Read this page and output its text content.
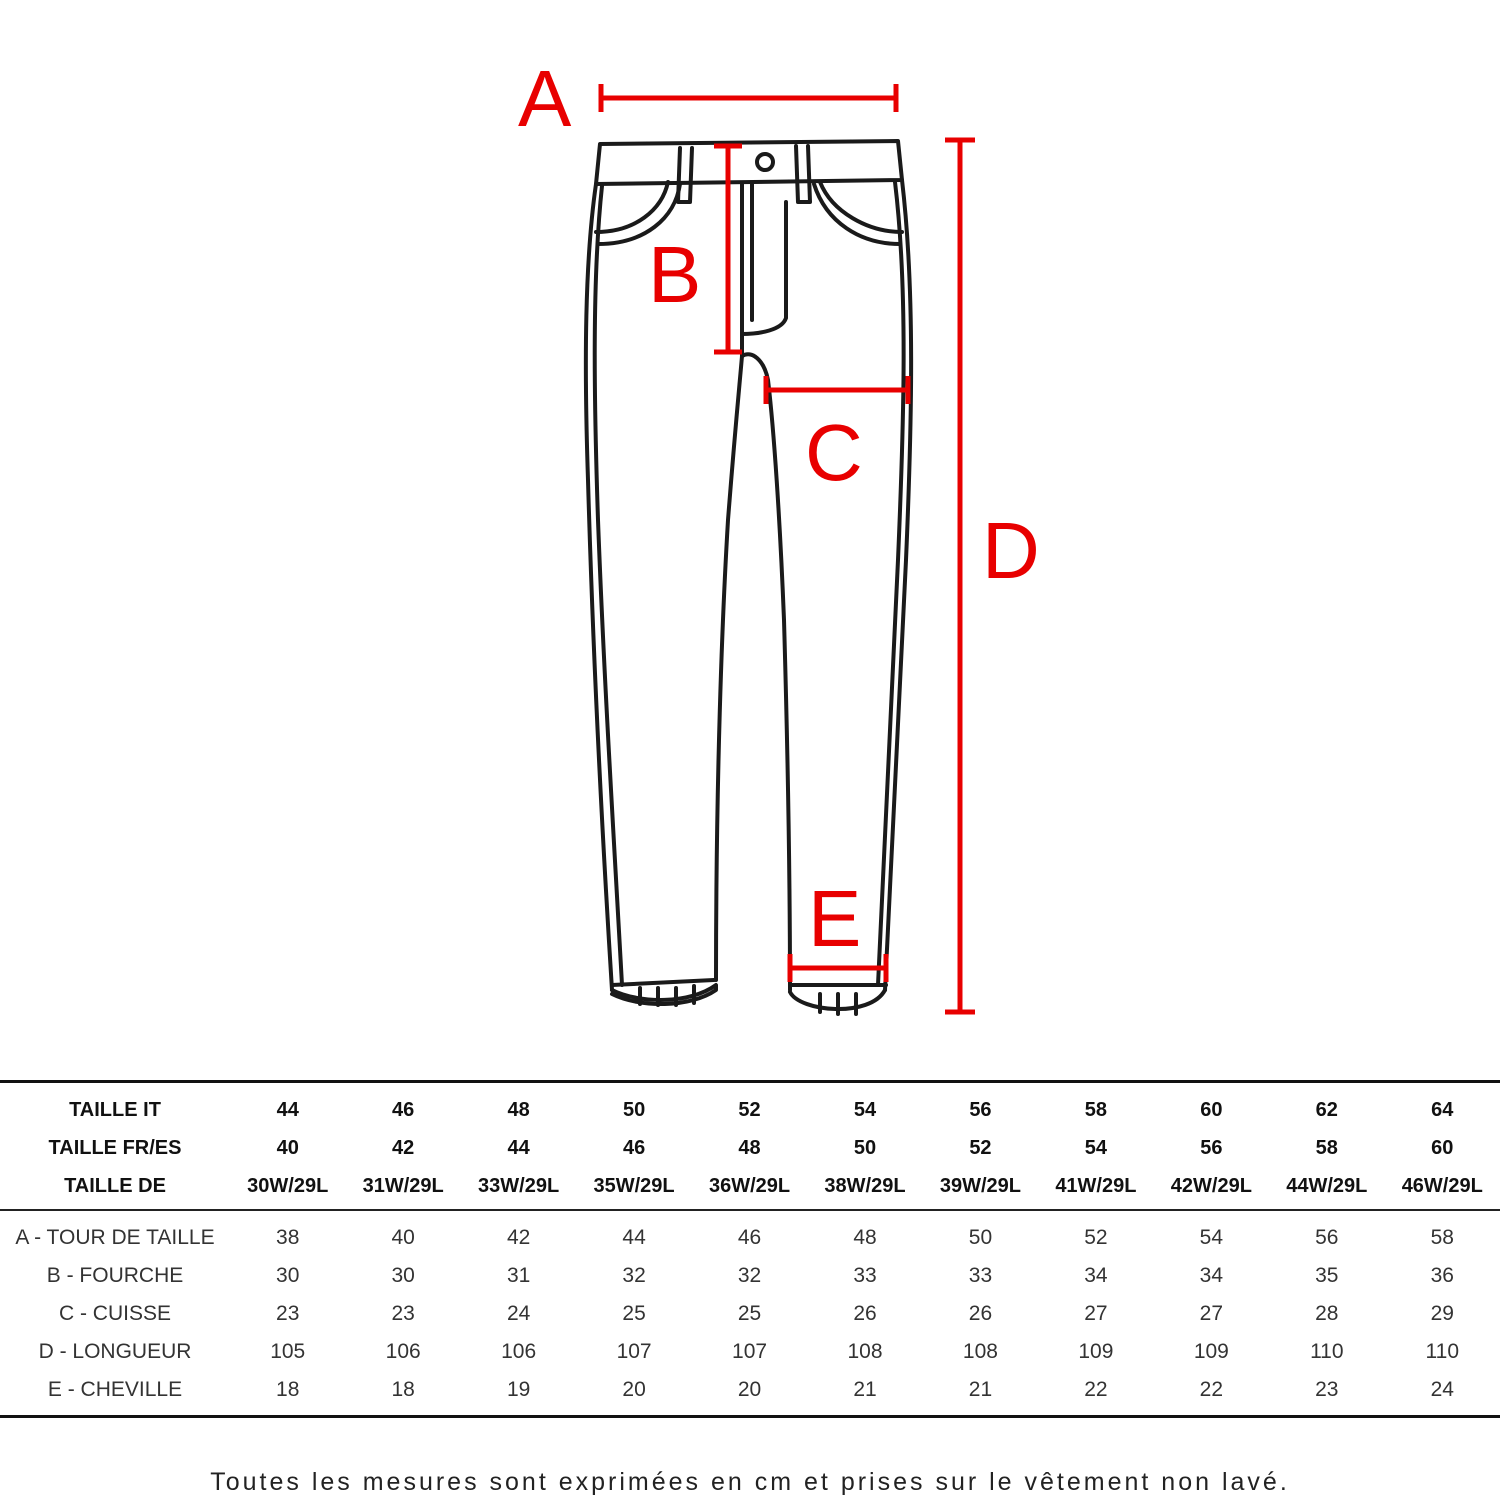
A
B
C
D
E
TAILLE IT	44	46	48	50	52	54	56	58	60	62	64
TAILLE FR/ES	40	42	44	46	48	50	52	54	56	58	60
TAILLE DE	30W/29L	31W/29L	33W/29L	35W/29L	36W/29L	38W/29L	39W/29L	41W/29L	42W/29L	44W/29L	46W/29L
A - TOUR DE TAILLE	38	40	42	44	46	48	50	52	54	56	58
B - FOURCHE	30	30	31	32	32	33	33	34	34	35	36
C - CUISSE	23	23	24	25	25	26	26	27	27	28	29
D - LONGUEUR	105	106	106	107	107	108	108	109	109	110	110
E - CHEVILLE	18	18	19	20	20	21	21	22	22	23	24
Toutes les mesures sont exprimées en cm et prises sur le vêtement non lavé.
